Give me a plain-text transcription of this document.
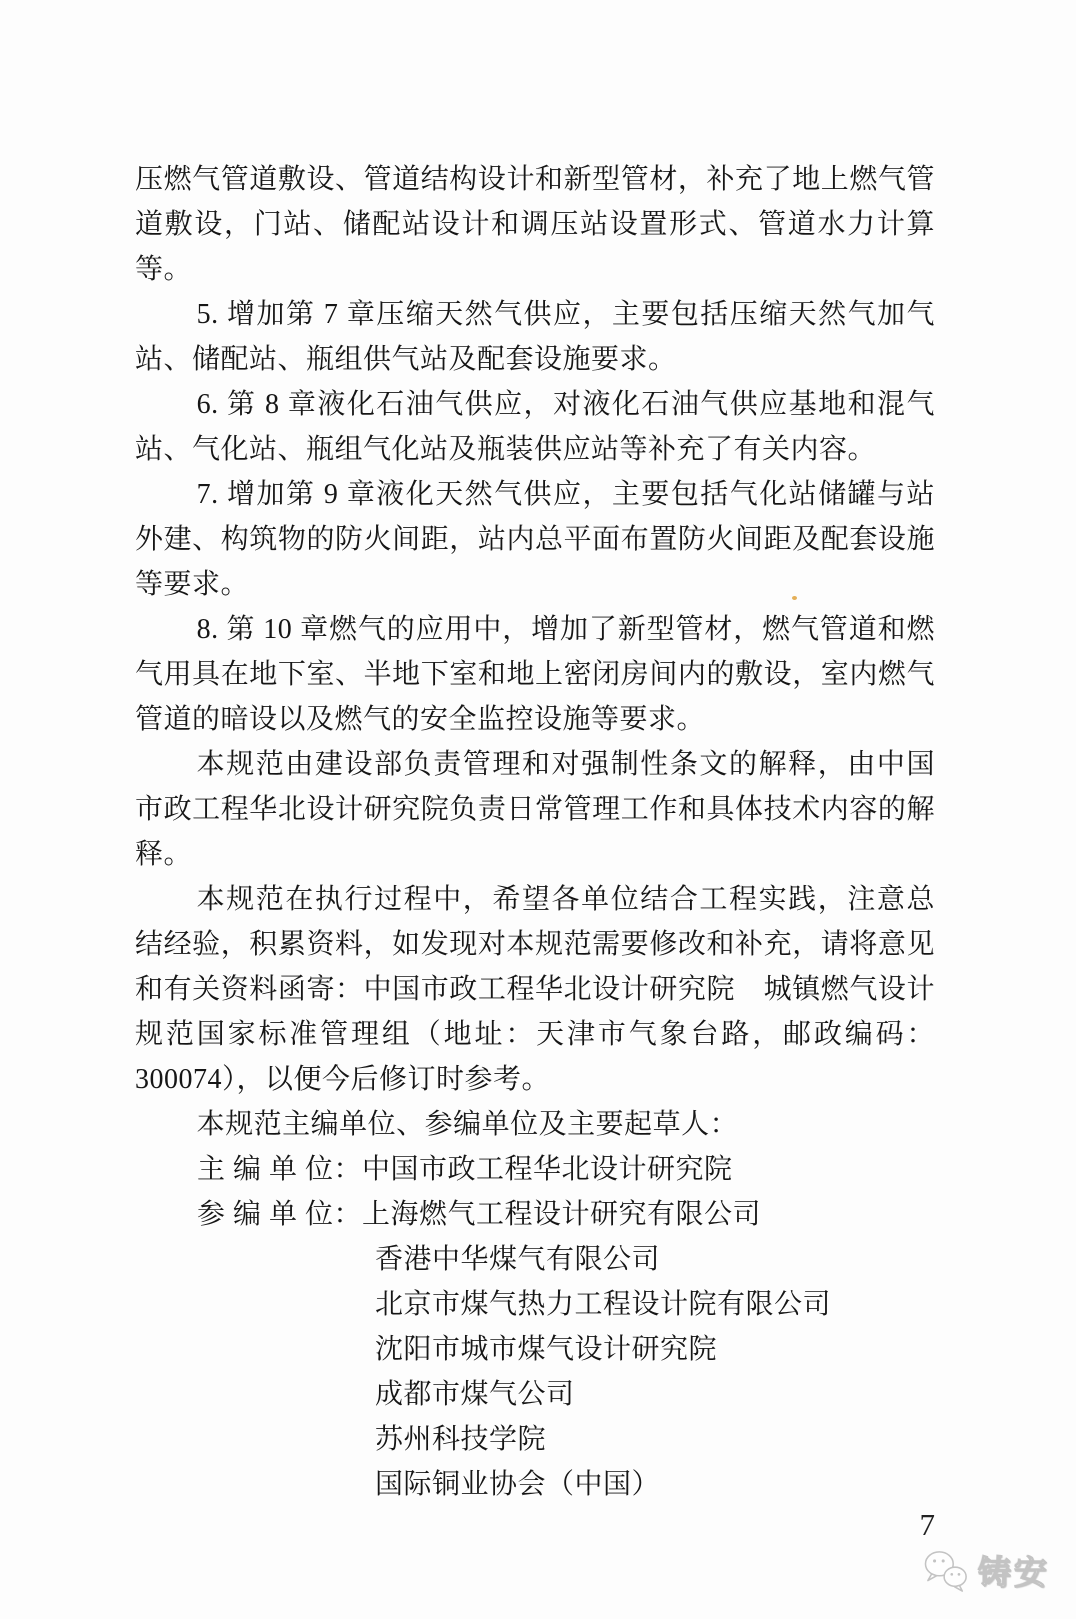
压燃气管道敷设、管道结构设计和新型管材，补充了地上燃气管道敷设，门站、储配站设计和调压站设置形式、管道水力计算等。

5. 增加第 7 章压缩天然气供应，主要包括压缩天然气加气站、储配站、瓶组供气站及配套设施要求。

6. 第 8 章液化石油气供应，对液化石油气供应基地和混气站、气化站、瓶组气化站及瓶装供应站等补充了有关内容。

7. 增加第 9 章液化天然气供应，主要包括气化站储罐与站外建、构筑物的防火间距，站内总平面布置防火间距及配套设施等要求。

8. 第 10 章燃气的应用中，增加了新型管材，燃气管道和燃气用具在地下室、半地下室和地上密闭房间内的敷设，室内燃气管道的暗设以及燃气的安全监控设施等要求。

本规范由建设部负责管理和对强制性条文的解释，由中国市政工程华北设计研究院负责日常管理工作和具体技术内容的解释。

本规范在执行过程中，希望各单位结合工程实践，注意总结经验，积累资料，如发现对本规范需要修改和补充，请将意见和有关资料函寄：中国市政工程华北设计研究院　城镇燃气设计规范国家标准管理组（地址：天津市气象台路，邮政编码：300074），以便今后修订时参考。

本规范主编单位、参编单位及主要起草人：

主 编 单 位：中国市政工程华北设计研究院
参 编 单 位：上海燃气工程设计研究有限公司
香港中华煤气有限公司
北京市煤气热力工程设计院有限公司
沈阳市城市煤气设计研究院
成都市煤气公司
苏州科技学院
国际铜业协会（中国）
7
铸安
